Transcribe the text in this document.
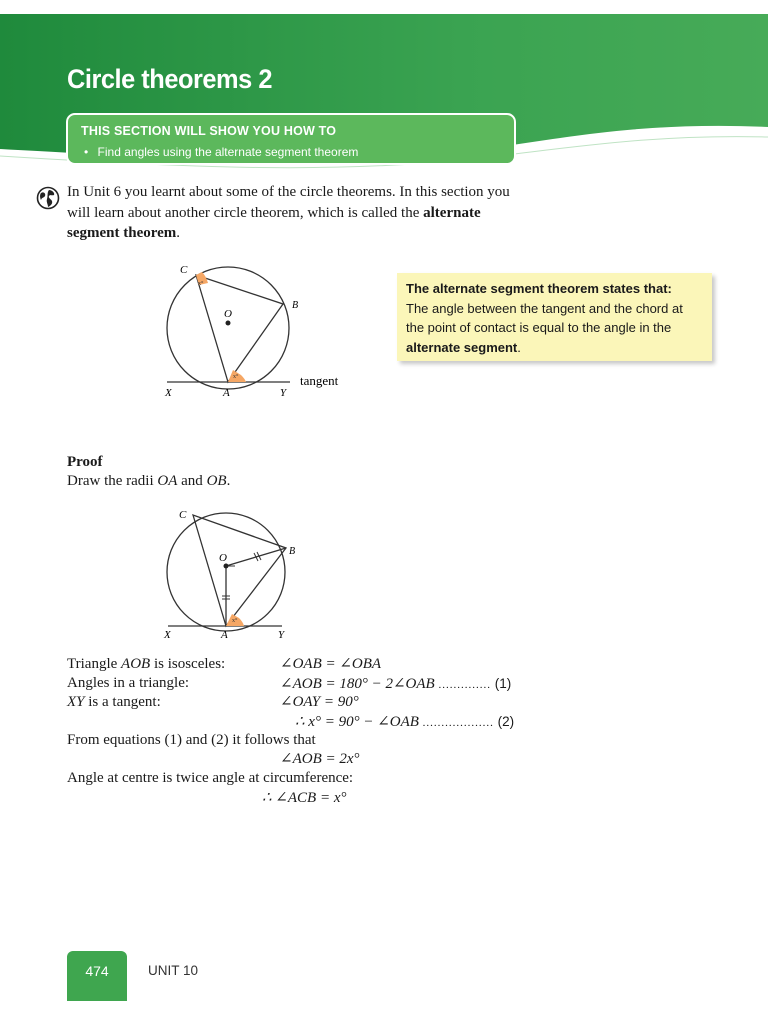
Circle theorems 2
THIS SECTION WILL SHOW YOU HOW TO
• Find angles using the alternate segment theorem
In Unit 6 you learnt about some of the circle theorems. In this section you will learn about another circle theorem, which is called the alternate segment theorem.
C
O
B
X	A	Y
tangent
x°
x°
The alternate segment theorem states that:
The angle between the tangent and the chord at the point of contact is equal to the angle in the alternate segment.
Proof
Draw the radii OA and OB.
C
O
B
X	A	Y
x°
Triangle AOB is isosceles:	∠OAB = ∠OBA
Angles in a triangle:	∠AOB = 180° − 2∠OAB .............. (1)
XY is a tangent:	∠OAY = 90°
∴ x° = 90° − ∠OAB ................... (2)
From equations (1) and (2) it follows that
∠AOB = 2x°
Angle at centre is twice angle at circumference:
∴ ∠ACB = x°
474	UNIT 10
